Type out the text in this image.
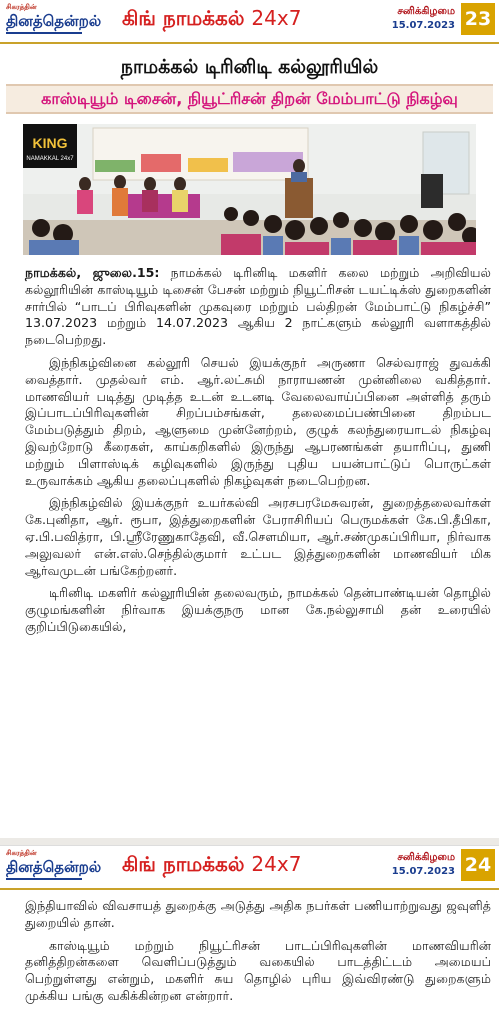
சிகரத்தின்
தினத்தென்றல் கிங் நாமக்கல் 24x7	சனிக்கிழமை
15.07.2023 23
நாமக்கல் டிரினிடி கல்லூரியில்
காஸ்டியூம் டிசைன், நியூட்ரிசன் திறன் மேம்பாட்டு நிகழ்வு
KING
NAMAKKAL 24x7

நாமக்கல், ஜுலை.15: நாமக்கல் டிரினிடி மகளிர் கலை மற்றும் அறிவியல் கல்லூரியின் காஸ்டியூம் டிசைன் பேசன் மற்றும் நியூட்ரிசன் டயட்டிக்ஸ் துறைகளின் சார்பில் “பாடப் பிரிவுகளின் முகவுரை மற்றும் பல்திறன் மேம்பாட்டு நிகழ்ச்சி” 13.07.2023 மற்றும் 14.07.2023 ஆகிய 2 நாட்களும் கல்லூரி வளாகத்தில் நடைபெற்றது.

இந்நிகழ்வினை கல்லூரி செயல் இயக்குநர் அருணா செல்வராஜ் துவக்கி வைத்தார். முதல்வர் எம். ஆர்.லட்சுமி நாராயணன் முன்னிலை வகித்தார். மாணவியர் படித்து முடித்த உடன் உடனடி வேலைவாய்ப்பினை அள்ளித் தரும் இப்பாடப்பிரிவுகளின் சிறப்பம்சங்கள், தலைமைப்பண்பினை திறம்பட மேம்படுத்தும் திறம், ஆளுமை முன்னேற்றம், குழுக் கலந்துரையாடல் நிகழ்வு இவற்றோடு கீரைகள், காய்கறிகளில் இருந்து ஆபரணங்கள் தயாரிப்பு, துணி மற்றும் பிளாஸ்டிக் கழிவுகளில் இருந்து புதிய பயன்பாட்டுப் பொருட்கள் உருவாக்கம் ஆகிய தலைப்புகளில் நிகழ்வுகள் நடைபெற்றன.

இந்நிகழ்வில் இயக்குநர் உயர்கல்வி அரசபரமேசுவரன், துறைத்தலைவர்கள் கே.புனிதா, ஆர். ரூபா, இத்துறைகளின் பேராசிரியப் பெருமக்கள் கே.பி.தீபிகா, ஏ.பி.பவித்ரா, பி.ஸ்ரீரேணுகாதேவி, வீ.செளமியா, ஆர்.சண்முகப்பிரியா, நிர்வாக அலுவலர் என்.எஸ்.செந்தில்குமார் உட்பட இத்துறைகளின் மாணவியர் மிக ஆர்வமுடன் பங்கேற்றனர்.

டிரினிடி மகளிர் கல்லூரியின் தலைவரும், நாமக்கல் தென்பாண்டியன் தொழில் குழுமங்களின் நிர்வாக இயக்குநரு மான கே.நல்லுசாமி தன் உரையில் குறிப்பிடுகையில்,

சிகரத்தின்
தினத்தென்றல் கிங் நாமக்கல் 24x7	சனிக்கிழமை
15.07.2023 24

இந்தியாவில் விவசாயத் துறைக்கு அடுத்து அதிக நபர்கள் பணியாற்றுவது ஜவுளித் துறையில் தான்.

காஸ்டியூம் மற்றும் நியூட்ரிசன் பாடப்பிரிவுகளின் மாணவியரின் தனித்திறன்களை வெளிப்படுத்தும் வகையில் பாடத்திட்டம் அமையப் பெற்றுள்ளது என்றும், மகளிர் சுய தொழில் புரிய இவ்விரண்டு துறைகளும் முக்கிய பங்கு வகிக்கின்றன என்றார்.
